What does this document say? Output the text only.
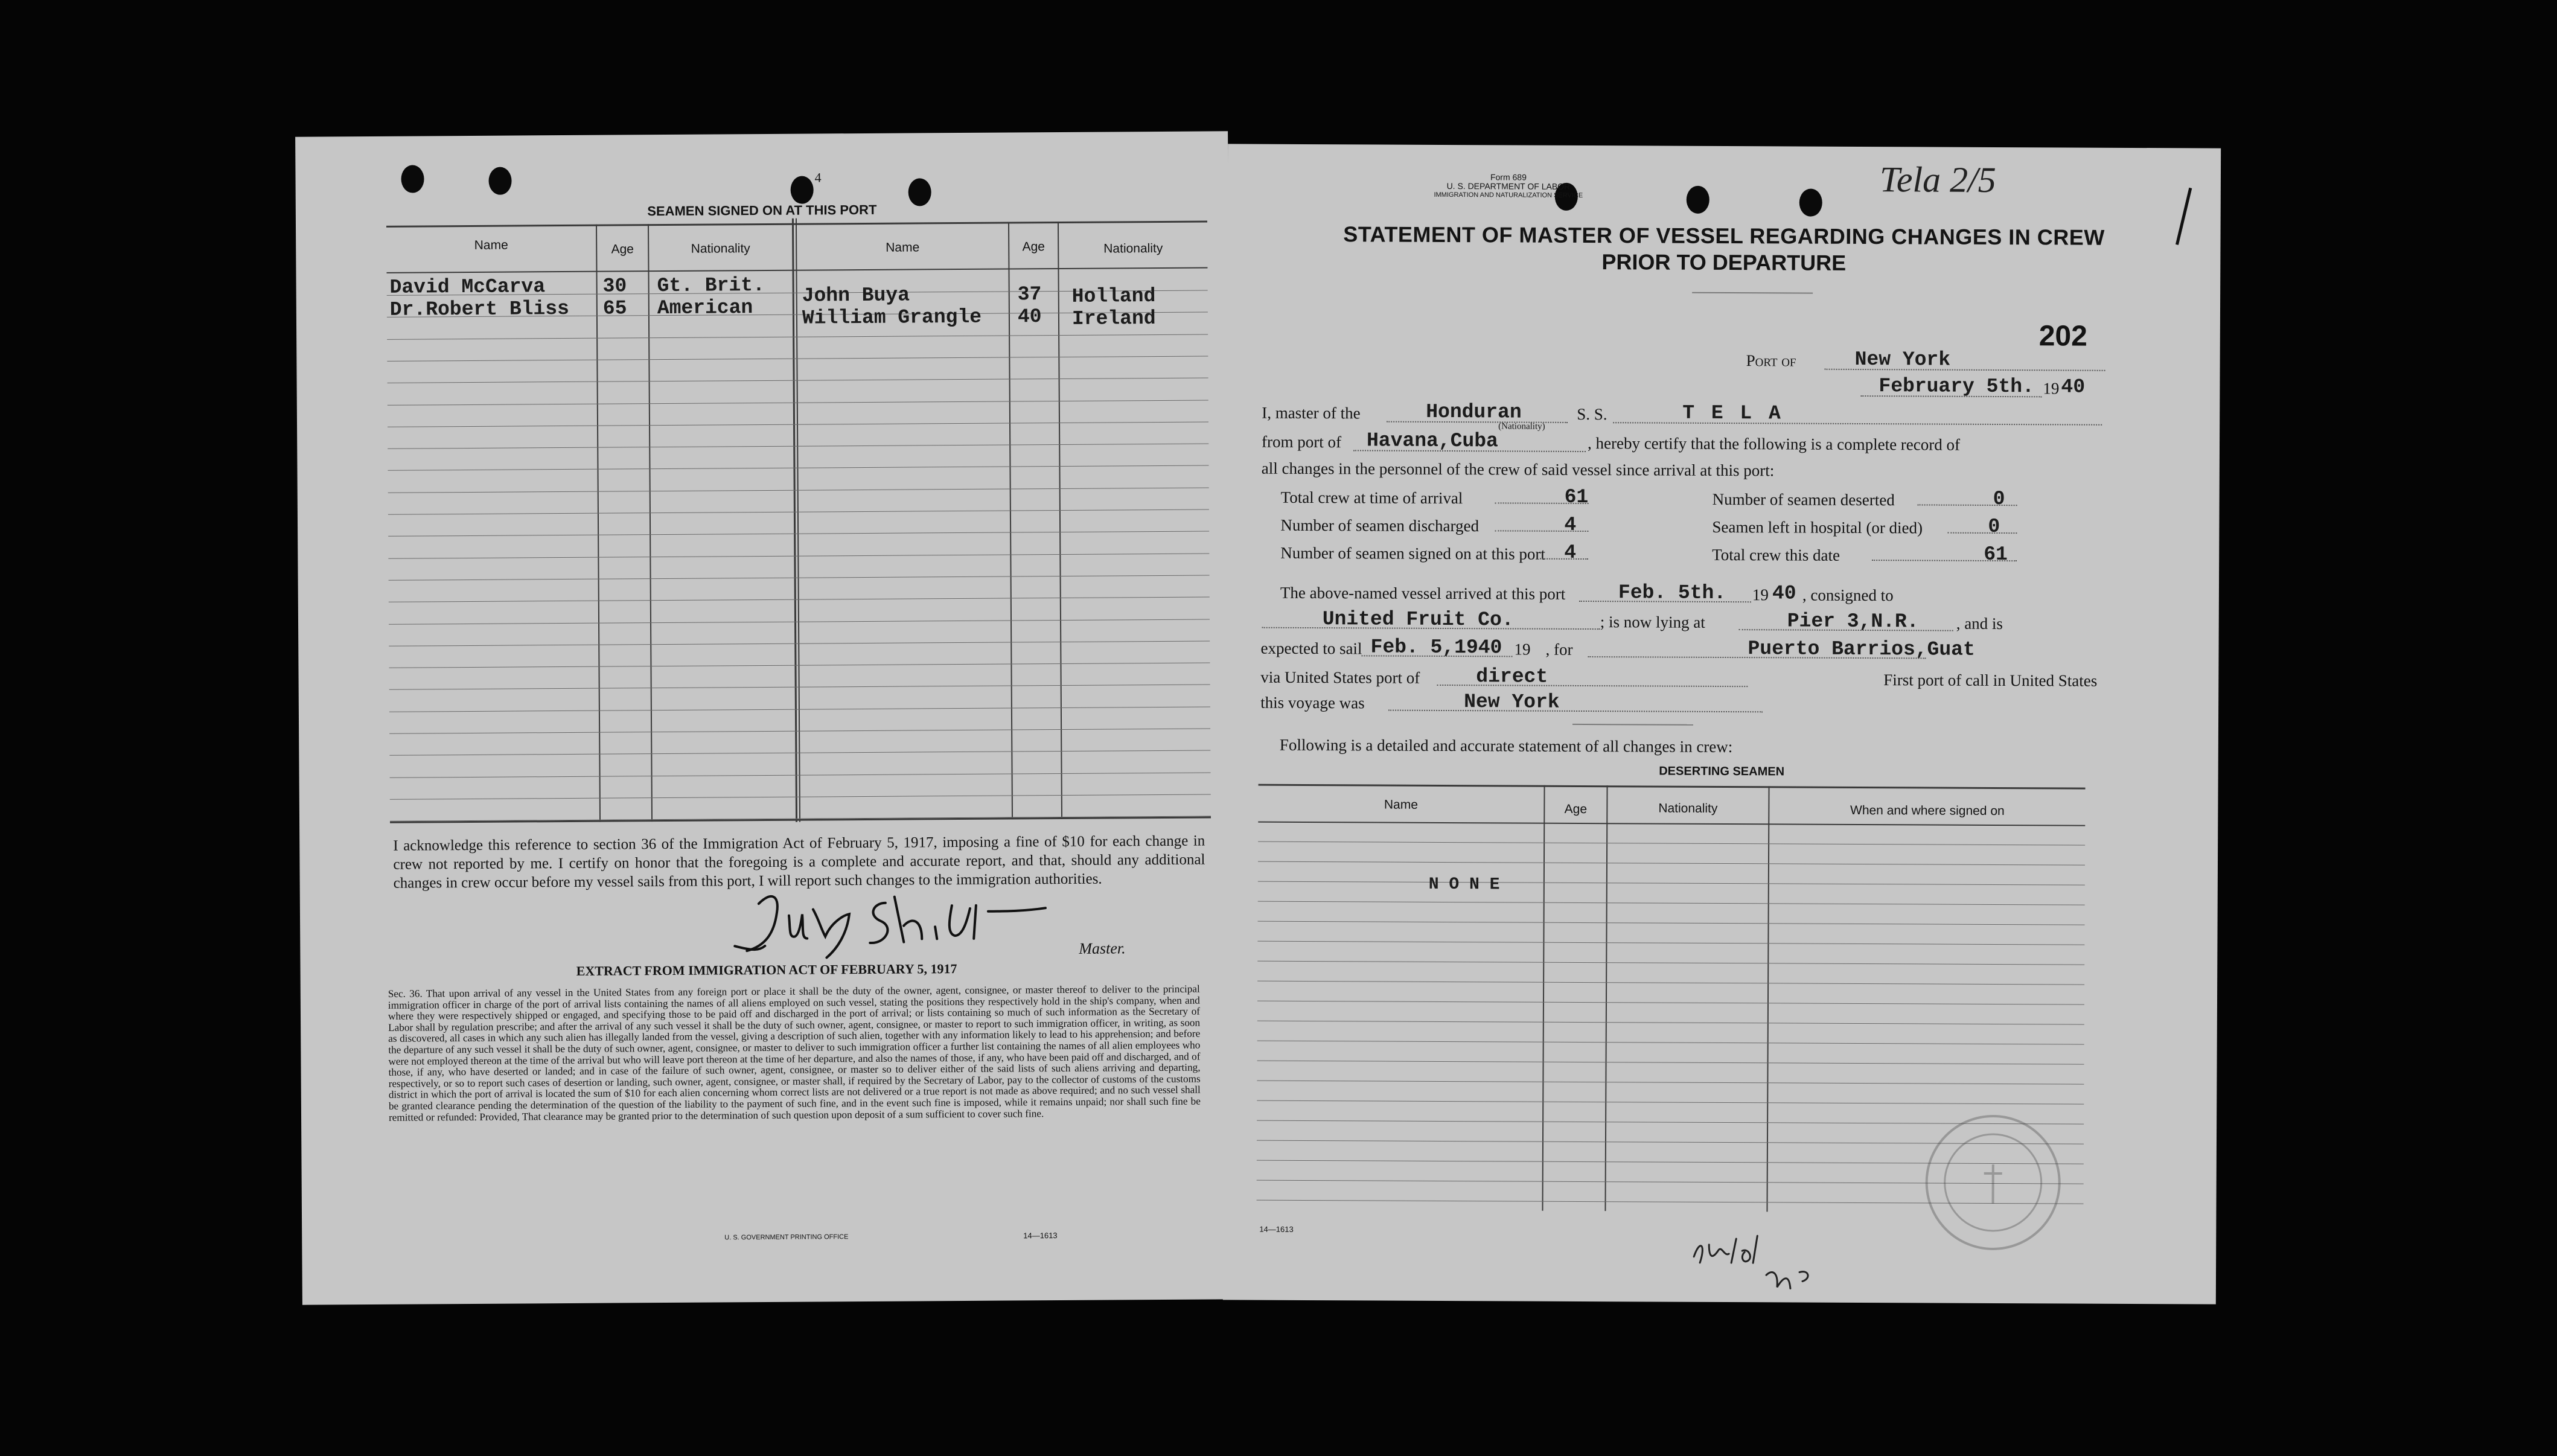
4
SEAMEN SIGNED ON AT THIS PORT
Name	Age	Nationality	Name	Age	Nationality
David McCarva	30 Gt. Brit.
Dr.Robert Bliss 65 American
John Buya	37 Holland
William Grangle 40 Ireland
I acknowledge this reference to section 36 of the Immigration Act of February 5, 1917, imposing a fine of $10 for each change in crew not reported by me. I certify on honor that the foregoing is a complete and accurate report, and that, should any additional changes in crew occur before my vessel sails from this port, I will report such changes to the immigration authorities.
Master.
EXTRACT FROM IMMIGRATION ACT OF FEBRUARY 5, 1917
Sec. 36. That upon arrival of any vessel in the United States from any foreign port or place it shall be the duty of the owner, agent, consignee, or master thereof to deliver to the principal immigration officer in charge of the port of arrival lists containing the names of all aliens employed on such vessel, stating the positions they respectively hold in the ship's company, when and where they were respectively shipped or engaged, and specifying those to be paid off and discharged in the port of arrival; or lists containing so much of such information as the Secretary of Labor shall by regulation prescribe; and after the arrival of any such vessel it shall be the duty of such owner, agent, consignee, or master to report to such immigration officer, in writing, as soon as discovered, all cases in which any such alien has illegally landed from the vessel, giving a description of such alien, together with any information likely to lead to his apprehension; and before the departure of any such vessel it shall be the duty of such owner, agent, consignee, or master to deliver to such immigration officer a further list containing the names of all alien employees who were not employed thereon at the time of the arrival but who will leave port thereon at the time of her departure, and also the names of those, if any, who have been paid off and discharged, and of those, if any, who have deserted or landed; and in case of the failure of such owner, agent, consignee, or master so to deliver either of the said lists of such aliens arriving and departing, respectively, or so to report such cases of desertion or landing, such owner, agent, consignee, or master shall, if required by the Secretary of Labor, pay to the collector of customs of the customs district in which the port of arrival is located the sum of $10 for each alien concerning whom correct lists are not delivered or a true report is not made as above required; and no such vessel shall be granted clearance pending the determination of the question of the liability to the payment of such fine, and in the event such fine is imposed, while it remains unpaid; nor shall such fine be remitted or refunded: Provided, That clearance may be granted prior to the determination of such question upon deposit of a sum sufficient to cover such fine.
U. S. GOVERNMENT PRINTING OFFICE	14—1613
Form 689
U. S. DEPARTMENT OF LABOR
IMMIGRATION AND NATURALIZATION SERVICE	Tela 2/5
STATEMENT OF MASTER OF VESSEL REGARDING CHANGES IN CREW
PRIOR TO DEPARTURE
202
Port of	New York
February 5th. 19 40
I, master of the	Honduran
(Nationality)
S. S.	T E L A
from port of Havana,Cuba	, hereby certify that the following is a complete record of
all changes in the personnel of the crew of said vessel since arrival at this port:
Total crew at time of arrival	61	Number of seamen deserted	0
Number of seamen discharged	4	Seamen left in hospital (or died)	0
Number of seamen signed on at this port 4	Total crew this date	61
The above-named vessel arrived at this port	Feb. 5th. 19 40 , consigned to
United Fruit Co.	; is now lying at	Pier 3,N.R. , and is
expected to sail Feb. 5,1940 19 , for	Puerto Barrios,Guat
via United States port of	direct	First port of call in United States
this voyage was	New York
Following is a detailed and accurate statement of all changes in crew:
DESERTING SEAMEN
Name	Age	Nationality	When and where signed on
N O N E
14—1613
